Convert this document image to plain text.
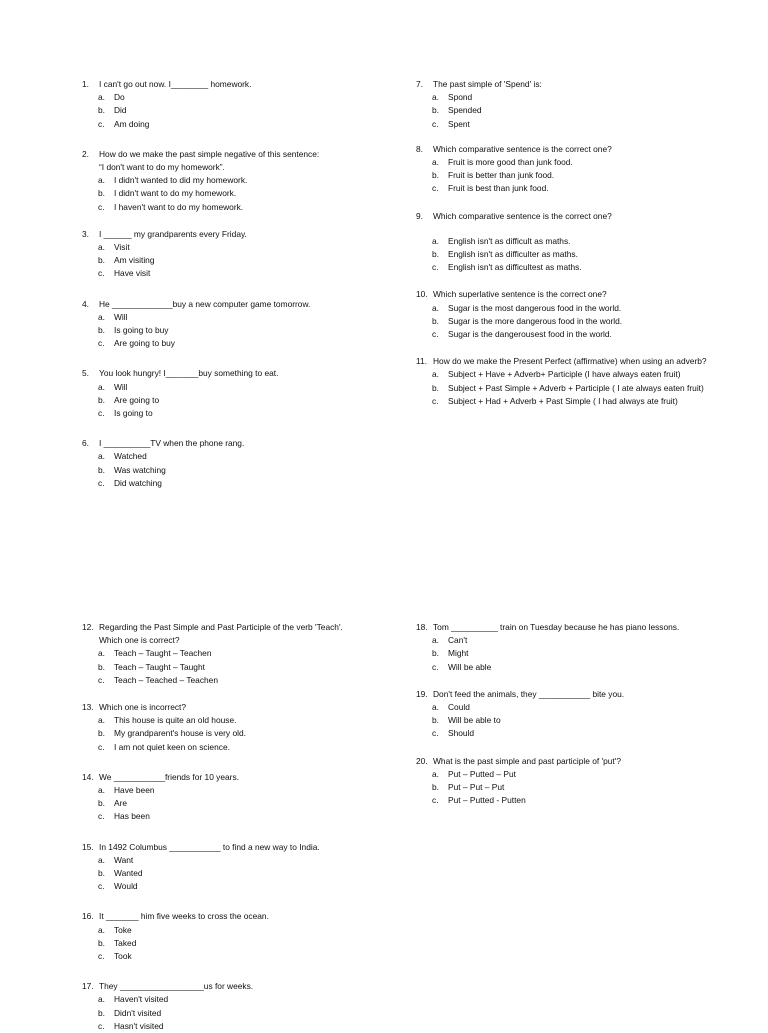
1.	I can't go out now. I________ homework.
a.	Do
b.	Did
c.	Am doing
2.	How do we make the past simple negative of this sentence:
“I don't want to do my homework”.
a.	I didn't wanted to did my homework.
b.	I didn't want to do my homework.
c.	I haven't want to do my homework.
3.	I ______ my grandparents every Friday.
a.	Visit
b.	Am visiting
c.	Have visit
4.	He _____________buy a new computer game tomorrow.
a.	Will
b.	Is going to buy
c.	Are going to buy
5.	You look hungry! I_______buy something to eat.
a.	Will
b.	Are going to
c.	Is going to
6.	I __________TV when the phone rang.
a.	Watched
b.	Was watching
c.	Did watching
7.	The past simple of 'Spend' is:
a.	Spond
b.	Spended
c.	Spent
8.	Which comparative sentence is the correct one?
a.	Fruit is more good than junk food.
b.	Fruit is better than junk food.
c.	Fruit is best than junk food.
9.	Which comparative sentence is the correct one?
a.	English isn't as difficult as maths.
b.	English isn't as difficulter as maths.
c.	English isn't as difficultest as maths.
10. Which superlative sentence is the correct one?
a.	Sugar is the most dangerous food in the world.
b.	Sugar is the more dangerous food in the world.
c.	Sugar is the dangerousest food in the world.
11. How do we make the Present Perfect (affirmative) when using an adverb?
a.	Subject + Have + Adverb+ Participle (I have always eaten fruit)
b.	Subject + Past Simple + Adverb + Participle ( I ate always eaten fruit)
c.	Subject + Had + Adverb + Past Simple ( I had always ate fruit)
12. Regarding the Past Simple and Past Participle of the verb 'Teach'.
Which one is correct?
a.	Teach – Taught – Teachen
b.	Teach – Taught – Taught
c.	Teach – Teached – Teachen
13. Which one is incorrect?
a.	This house is quite an old house.
b.	My grandparent's house is very old.
c.	I am not quiet keen on science.
14. We ___________friends for 10 years.
a.	Have been
b.	Are
c.	Has been
15. In 1492 Columbus ___________ to find a new way to India.
a.	Want
b.	Wanted
c.	Would
16. It _______ him five weeks to cross the ocean.
a.	Toke
b.	Taked
c.	Took
17. They __________________us for weeks.
a.	Haven't visited
b.	Didn't visited
c.	Hasn't visited
18. Tom __________ train on Tuesday because he has piano lessons.
a.	Can't
b.	Might
c.	Will be able
19. Don't feed the animals, they ___________ bite you.
a.	Could
b.	Will be able to
c.	Should
20. What is the past simple and past participle of 'put'?
a.	Put – Putted – Put
b.	Put – Put – Put
c.	Put – Putted - Putten
